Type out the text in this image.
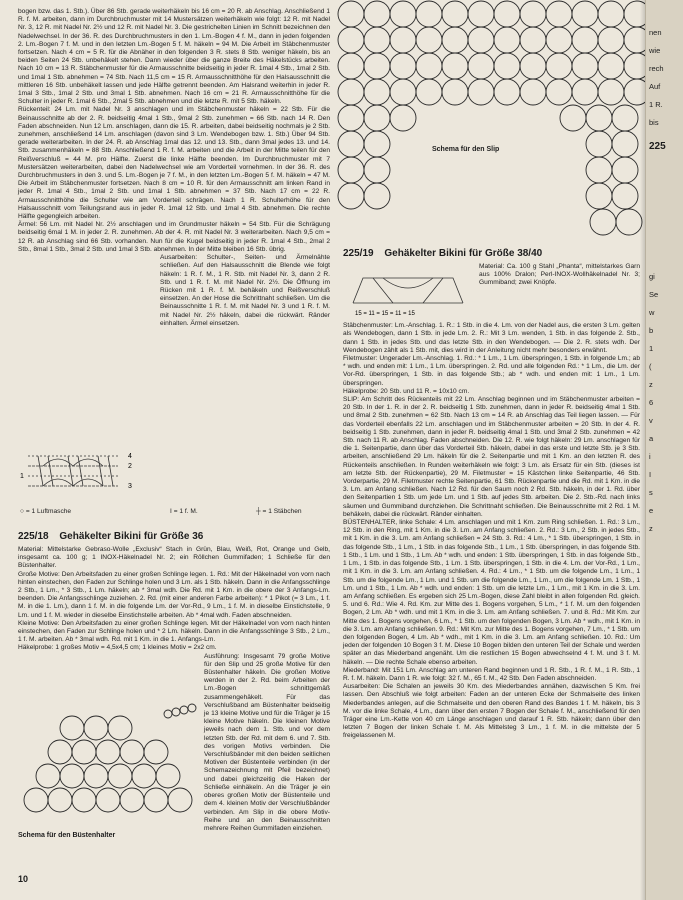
bogen bzw. das 1. Stb.). Über 86 Stb. gerade weiterhäkeln bis 16 cm = 20 R. ab Anschlag. Anschließend 1 R. f. M. arbeiten, dann im Durchbruchmuster mit 14 Mustersätzen weiterhäkeln wie folgt: 12 R. mit Nadel Nr. 3, 12 R. mit Nadel Nr. 2½ und 12 R. mit Nadel Nr. 3. Die gestrichelten Linien im Schnitt bezeichnen den Nadelwechsel. In der 36. R. des Durchbruchmusters in den 1. Lm.-Bogen 4 f. M., dann in jeden folgenden 2. Lm.-Bogen 7 f. M. und in den letzten Lm.-Bogen 5 f. M. häkeln = 94 M. Die Arbeit im Stäbchenmuster fortsetzen. Nach 4 cm = 5 R. für die Abnäher in den folgenden 3 R. stets 8 Stb. weniger häkeln, bis an beiden Seiten 24 Stb. unbehäkelt stehen. Dann wieder über die ganze Breite des Häkelstücks arbeiten. Nach 10 cm = 13 R. Stäbchenmuster für die Armausschnitte beidseitig in jeder R. 1mal 4 Stb., 1mal 2 Stb. und 1mal 1 Stb. abnehmen = 74 Stb. Nach 11,5 cm = 15 R. Armausschnitthöhe für den Halsausschnitt die mittleren 16 Stb. unbehäkelt lassen und jede Hälfte getrennt beenden. Am Halsrand weiterhin in jeder R. 1mal 3 Stb., 1mal 2 Stb. und 3mal 1 Stb. abnehmen. Nach 16 cm = 21 R. Armausschnitthöhe für die Schulter in jeder R. 1mal 6 Stb., 2mal 5 Stb. abnehmen und die letzte R. mit 5 Stb. häkeln.

Rückenteil: 24 Lm. mit Nadel Nr. 3 anschlagen und im Stäbchenmuster häkeln = 22 Stb. Für die Beinausschnitte ab der 2. R. beidseitig 4mal 1 Stb., 9mal 2 Stb. zunehmen = 66 Stb. nach 14 R. Den Faden abschneiden. Nun 12 Lm. anschlagen, dann die 15. R. arbeiten, dabei beidseitig nochmals je 2 Stb. zunehmen, anschließend 14 Lm. anschlagen (davon sind 3 Lm. Wendebogen bzw. 1. Stb.) Über 94 Stb. gerade weiterarbeiten. In der 24. R. ab Anschlag 1mal das 12. und 13. Stb., dann 3mal jedes 13. und 14. Stb. zusammenhäkeln = 88 Stb. Anschließend 1 R. f. M. arbeiten und die Arbeit in der Mitte teilen für den Reißverschluß = 44 M. pro Hälfte. Zuerst die linke Hälfte beenden. Im Durchbruchmuster mit 7 Mustersätzen weiterarbeiten, dabei den Nadelwechsel wie am Vorderteil vornehmen. In der 36. R. des Durchbruchmusters in den 3. und 5. Lm.-Bogen je 7 f. M., in den letzten Lm.-Bogen 5 f. M. häkeln = 47 M. Die Arbeit im Stäbchenmuster fortsetzen. Nach 8 cm = 10 R. für den Armausschnitt am linken Rand in jeder R. 1mal 4 Stb., 1mal 2 Stb. und 1mal 1 Stb. abnehmen = 37 Stb. Nach 17 cm = 22 R. Armausschnitthöhe die Schulter wie am Vorderteil schrägen. Nach 1 R. Schulterhöhe für den Halsausschnitt vom Teilungsrand aus in jeder R. 1mal 12 Stb. und 1mal 4 Stb. abnehmen. Die rechte Hälfte gegengleich arbeiten.

Ärmel: 56 Lm. mit Nadel Nr. 2½ anschlagen und im Grundmuster häkeln = 54 Stb. Für die Schrägung beidseitig 6mal 1 M. in jeder 2. R. zunehmen. Ab der 4. R. mit Nadel Nr. 3 weiterarbeiten. Nach 9,5 cm = 12 R. ab Anschlag sind 66 Stb. vorhanden. Nun für die Kugel beidseitig in jeder R. 1mal 4 Stb., 2mal 2 Stb., 8mal 1 Stb., 3mal 2 Stb. und 1mal 3 Stb. abnehmen. In der Mitte bleiben 16 Stb. übrig.

Ausarbeiten: Schulter-, Seiten- und Ärmelnähte schließen. Auf den Halsausschnitt die Blende wie folgt häkeln: 1 R. f. M., 1 R. Stb. mit Nadel Nr. 3, dann 2 R. Stb. und 1 R. f. M. mit Nadel Nr. 2½. Die Öffnung im Rücken mit 1 R. f. M. behäkeln und Reißverschluß einsetzen. An der Hose die Schrittnaht schließen. Um die Beinausschnitte 1 R. f. M. mit Nadel Nr. 3 und 1 R. f. M. mit Nadel Nr. 2½ häkeln, dabei die rückwärt. Ränder einhalten. Ärmel einsetzen.

4
2
1
3
○ = 1 Luftmasche	I = 1 f. M.	┼ = 1 Stäbchen
225/18 Gehäkelter Bikini für Größe 36

Material: Mittelstarke Gebraso-Wolle „Exclusiv“ Stach in Grün, Blau, Weiß, Rot, Orange und Gelb, insgesamt ca. 100 g; 1 INOX-Häkelnadel Nr. 2; ein Röllchen Gummifaden; 1 Schließe für den Büstenhalter.

Große Motive: Den Arbeitsfaden zu einer großen Schlinge legen. 1. Rd.: Mit der Häkelnadel von vorn nach hinten einstechen, den Faden zur Schlinge holen und 3 Lm. als 1 Stb. häkeln. Dann in die Anfangsschlinge 2 Stb., 1 Lm., * 3 Stb., 1 Lm. häkeln; ab * 3mal wdh. Die Rd. mit 1 Km. in die obere der 3 Anfangs-Lm. beenden. Die Anfangsschlinge zuziehen. 2. Rd. (mit einer anderen Farbe arbeiten): * 1 Pikot (= 3 Lm., 1 f. M. in die 1. Lm.), dann 1 f. M. in die folgende Lm. der Vor-Rd., 9 Lm., 1 f. M. in dieselbe Einstichstelle, 9 Lm. und 1 f. M. wieder in dieselbe Einstichstelle arbeiten. Ab * 4mal wdh. Faden abschneiden.

Kleine Motive: Den Arbeitsfaden zu einer großen Schlinge legen. Mit der Häkelnadel von vorn nach hinten einstechen, den Faden zur Schlinge holen und * 2 Lm. häkeln. Dann in die Anfangsschlinge 3 Stb., 2 Lm., 1 f. M. arbeiten. Ab * 3mal wdh. Rd. mit 1 Km. in die 1. Anfangs-Lm.

Häkelprobe: 1 großes Motiv = 4,5x4,5 cm; 1 kleines Motiv = 2x2 cm.

Ausführung: Insgesamt 79 große Motive für den Slip und 25 große Motive für den Büstenhalter häkeln. Die großen Motive werden in der 2. Rd. beim Arbeiten der Lm.-Bogen schnittgemäß zusammengehäkelt. Für das Verschlußband am Büstenhalter beidseitig je 13 kleine Motive und für die Träger je 15 kleine Motive häkeln. Die kleinen Motive jeweils nach dem 1. Stb. und vor dem letzten Stb. der Rd. mit dem 6. und 7. Stb. des vorigen Motivs verbinden. Die Verschlußbänder mit den beiden seitlichen Motiven der Büstenteile verbinden (in der Schemazeichnung mit Pfeil bezeichnet) und dabei gleichzeitig die Haken der Schließe einhäkeln. An die Träger je ein oberes großen Motiv der Büstenteile und dem 4. kleinen Motiv der Verschlußbänder verbinden. Am Slip in die obere Motiv-Reihe und an den Beinausschnitten mehrere Reihen Gummifaden einziehen.

Schema für den Büstenhalter
Schema für den Slip
225/19 Gehäkelter Bikini für Größe 38/40
15 = 11 = 15 = 11 = 15

Material: Ca. 100 g Stahl „Phanta“, mittelstarkes Garn aus 100% Dralon; Perl-INOX-Wollhäkelnadel Nr. 3; Gummiband; zwei Knöpfe.

Stäbchenmuster: Lm.-Anschlag. 1. R.: 1 Stb. in die 4. Lm. von der Nadel aus, die ersten 3 Lm. gelten als Wendebogen, dann 1 Stb. in jede Lm. 2. R.: Mit 3 Lm. wenden, 1 Stb. in das folgende 2. Stb., dann 1 Stb. in jedes Stb. und das letzte Stb. in den Wendebogen. — Die 2. R. stets wdh. Der Wendebogen zählt als 1 Stb. mit, dies wird in der Anleitung nicht mehr besonders erwähnt.

Filetmuster: Ungerader Lm.-Anschlag. 1. Rd.: * 1 Lm., 1 Lm. überspringen, 1 Stb. in folgende Lm.; ab * wdh. und enden mit: 1 Lm., 1 Lm. überspringen. 2. Rd. und alle folgenden Rd.: * 1 Lm., die Lm. der Vor-Rd. überspringen, 1 Stb. in das folgende Stb.; ab * wdh. und enden mit: 1 Lm., 1 Lm. überspringen.

Häkelprobe: 20 Stb. und 11 R. = 10x10 cm.

SLIP: Am Schritt des Rückenteils mit 22 Lm. Anschlag beginnen und im Stäbchenmuster arbeiten = 20 Stb. In der 1. R. in der 2. R. beidseitig 1 Stb. zunehmen, dann in jeder R. beidseitig 4mal 1 Stb. und 8mal 2 Stb. zunehmen = 62 Stb. Nach 13 cm = 14 R. ab Anschlag das Teil liegen lassen. — Für das Vorderteil ebenfalls 22 Lm. anschlagen und im Stäbchenmuster arbeiten = 20 Stb. In der 4. R. beidseitig 1 Stb. zunehmen, dann in jeder R. beidseitig 4mal 1 Stb. und 3mal 2 Stb. zunehmen = 42 Stb. nach 11 R. ab Anschlag. Faden abschneiden. Die 12. R. wie folgt häkeln: 29 Lm. anschlagen für die 1. Seitenpartie, dann über das Vorderteil Stb. häkeln, dabei in das erste und letzte Stb. je 3 Stb. arbeiten, anschließend 29 Lm. häkeln für die 2. Seitenpartie und mit 1 Km. an den letzten R. des Rückenteils anschließen. In Runden weiterhäkeln wie folgt: 3 Lm. als Ersatz für ein Stb. (dieses ist am letzte Stb. der Rückenpartie), 29 M. Filetmuster = 15 Kästchen linke Seitenpartie, 46 Stb. Vorderpartie, 29 M. Filetmuster rechte Seitenpartie, 61 Stb. Rückenpartie und die Rd. mit 1 Km. in die 3. Lm. am Anfang schließen. Nach 12 Rd. für den Saum noch 2 Rd. Stb. häkeln, in der 1. Rd. über den Seitenpartien 1 Stb. um jede Lm. und 1 Stb. auf jedes Stb. arbeiten. Die 2. Stb.-Rd. nach links säumen und Gummiband durchziehen. Die Schrittnaht schließen. Die Beinausschnitte mit 2 Rd. 1 M. behäkeln, dabei die rückwärt. Ränder einhalten.

BÜSTENHALTER, linke Schale: 4 Lm. anschlagen und mit 1 Km. zum Ring schließen. 1. Rd.: 3 Lm., 12 Stb. in den Ring, mit 1 Km. in die 3. Lm. am Anfang schließen. 2. Rd.: 3 Lm., 2 Stb. in jedes Stb., mit 1 Km. in die 3. Lm. am Anfang schließen = 24 Stb. 3. Rd.: 4 Lm., * 1 Stb. überspringen, 1 Stb. in das folgende Stb., 1 Lm., 1 Stb. in das folgende Stb., 1 Lm., 1 Stb. überspringen, in das folgende Stb. 1 Stb., 1 Lm. und 1 Stb., 1 Lm. Ab * wdh. und enden: 1 Stb. überspringen, 1 Stb. in das folgende Stb., 1 Lm., 1 Stb. in das folgende Stb., 1 Lm. 1 Stb. überspringen, 1 Stb. in die 4. Lm. der Vor-Rd., 1 Lm., mit 1 Km. in die 3. Lm. am Anfang schließen. 4. Rd.: 4 Lm., * 1 Stb. um die folgende Lm., 1 Lm., 1 Stb. um die folgende Lm., 1 Lm. und 1 Stb. um die folgende Lm., 1 Lm., um die folgende Lm. 1 Stb., 1 Lm. und 1 Stb., 1 Lm. Ab * wdh. und enden: 1 Stb. um die letzte Lm., 1 Lm., mit 1 Km. in die 3. Lm. am Anfang schließen. Es ergeben sich 25 Lm.-Bogen, diese Zahl bleibt in allen folgenden Rd. gleich. 5. und 6. Rd.: Wie 4. Rd. Km. zur Mitte des 1. Bogens vorgehen, 5 Lm., * 1 f. M. um den folgenden Bogen, 2 Lm. Ab * wdh. und mit 1 Km. in die 3. Lm. am Anfang schließen. 7. und 8. Rd.: Mit Km. zur Mitte des 1. Bogens vorgehen, 6 Lm., * 1 Stb. um den folgenden Bogen, 3 Lm. Ab * wdh., mit 1 Km. in die 3. Lm. am Anfang schließen. 9. Rd.: Mit Km. zur Mitte des 1. Bogens vorgehen, 7 Lm., * 1 Stb. um den folgenden Bogen, 4 Lm. Ab * wdh., mit 1 Km. in die 3. Lm. am Anfang schließen. 10. Rd.: Um jeden der folgenden 10 Bogen 3 f. M. Diese 10 Bogen bilden den unteren Teil der Schale und werden später an das Miederband angenäht. Um die restlichen 15 Bogen abwechselnd 4 f. M. und 3 f. M. häkeln. — Die rechte Schale ebenso arbeiten.

Miederband: Mit 151 Lm. Anschlag am unteren Rand beginnen und 1 R. Stb., 1 R. f. M., 1 R. Stb., 1 R. f. M. häkeln. Dann 1 R. wie folgt: 32 f. M., 65 f. M., 42 Stb. Den Faden abschneiden.

Ausarbeiten: Die Schalen an jeweils 30 Km. des Miederbandes annähen, dazwischen 5 Km. frei lassen. Den Abschluß wie folgt arbeiten: Faden an der unteren Ecke der Schmalseite des linken Miederbandes anlegen, auf die Schmalseite und den oberen Rand des Bandes 1 f. M. häkeln, bis 3 M. vor die linke Schale, 4 Lm., dann über den ersten 7 Bogen der Schale f. M., anschließend für den Träger eine Lm.-Kette von 40 cm Länge anschlagen und darauf 1 R. Stb. häkeln; dann über den letzten 7 Bogen der linken Schale f. M. Als Mittelsteg 3 Lm., 1 f. M. in die mittelste der 5 freigelassenen M.

10
nen
wie
rech
Auf
1 R.
bis
225
gi
Se
w
b
1
(
z
6
v
a
i
I
s
e
z
